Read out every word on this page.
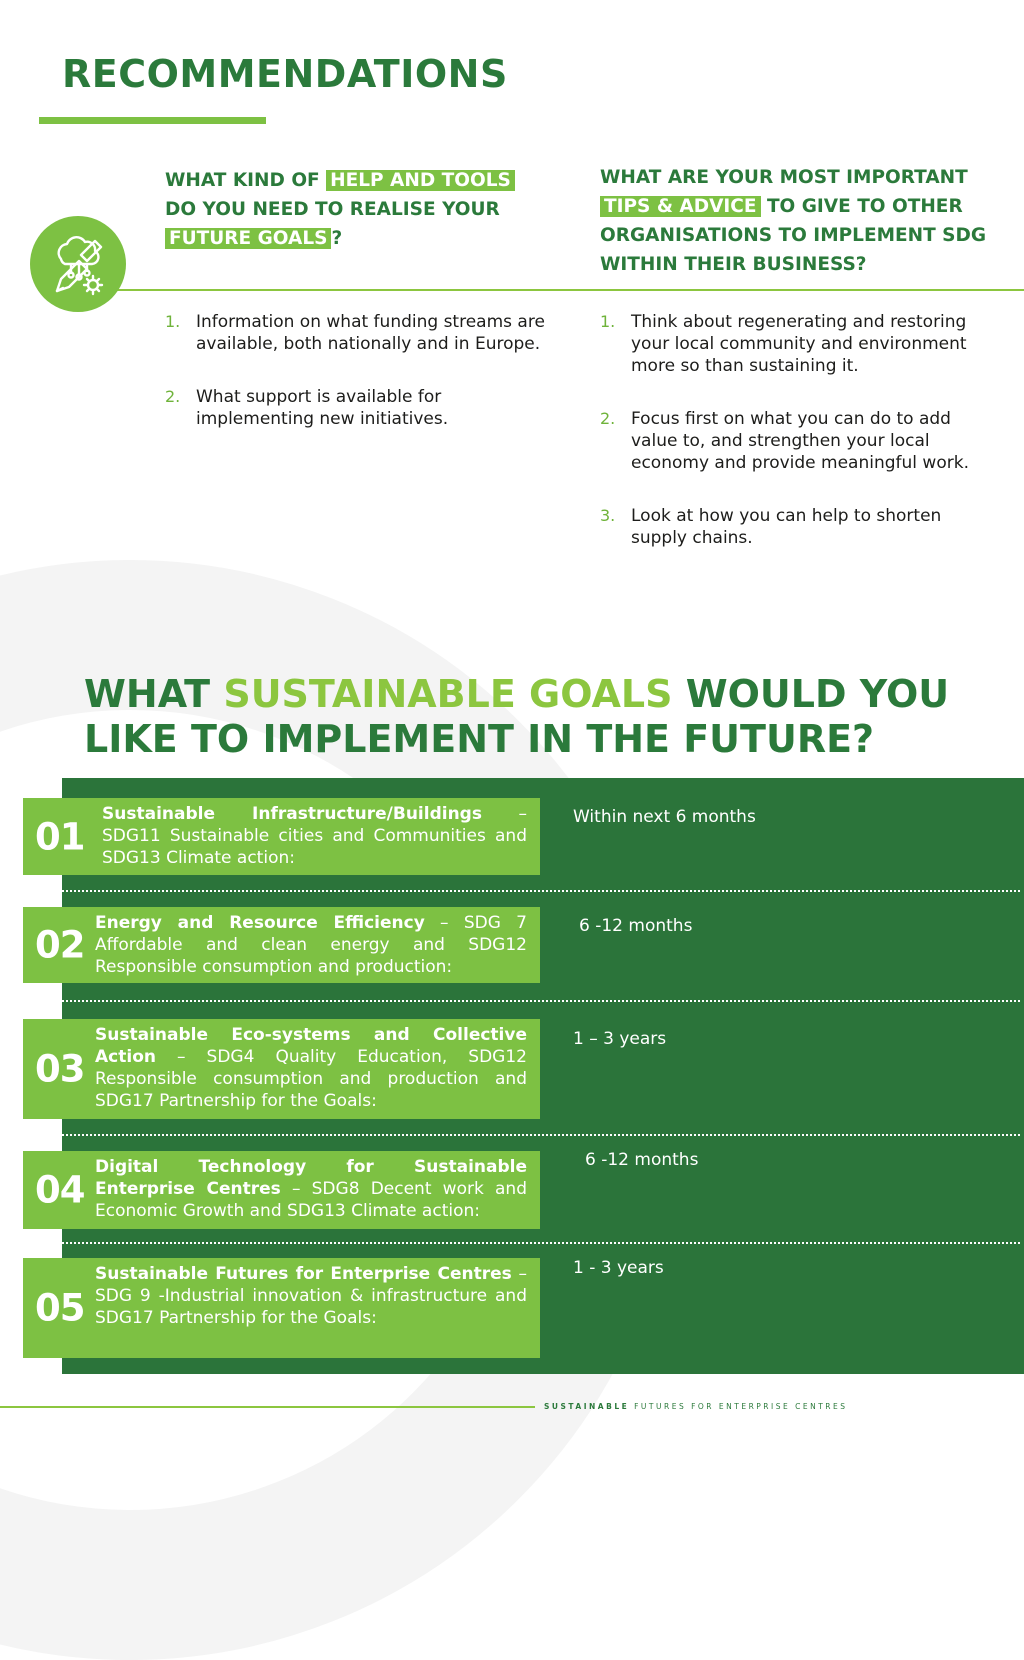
RECOMMENDATIONS

WHAT KIND OF HELP AND TOOLS
DO YOU NEED TO REALISE YOUR
FUTURE GOALS ?

WHAT ARE YOUR MOST IMPORTANT
TIPS & ADVICE TO GIVE TO OTHER ORGANISATIONS TO IMPLEMENT SDG WITHIN THEIR BUSINESS?

1. Information on what funding streams are available, both nationally and in Europe.
2. What support is available for implementing new initiatives.
1. Think about regenerating and restoring your local community and environment more so than sustaining it.
2. Focus first on what you can do to add value to, and strengthen your local economy and provide meaningful work.
3. Look at how you can help to shorten supply chains.
WHAT SUSTAINABLE GOALS WOULD YOU LIKE TO IMPLEMENT IN THE FUTURE?
01

Sustainable Infrastructure/Buildings – SDG11 Sustainable cities and Communities and SDG13 Climate action:

Within next 6 months
02

Energy and Resource Efficiency – SDG 7 Affordable and clean energy and SDG12 Responsible consumption and production:

6 -12 months
03

Sustainable Eco-systems and Collective Action – SDG4 Quality Education, SDG12 Responsible consumption and production and SDG17 Partnership for the Goals:

1 – 3 years
04

Digital Technology for Sustainable Enterprise Centres – SDG8 Decent work and Economic Growth and SDG13 Climate action:

6 -12 months
05

Sustainable Futures for Enterprise Centres – SDG 9 -Industrial innovation & infrastructure and SDG17 Partnership for the Goals:

1 - 3 years
SUSTAINABLE FUTURES FOR ENTERPRISE CENTRES
